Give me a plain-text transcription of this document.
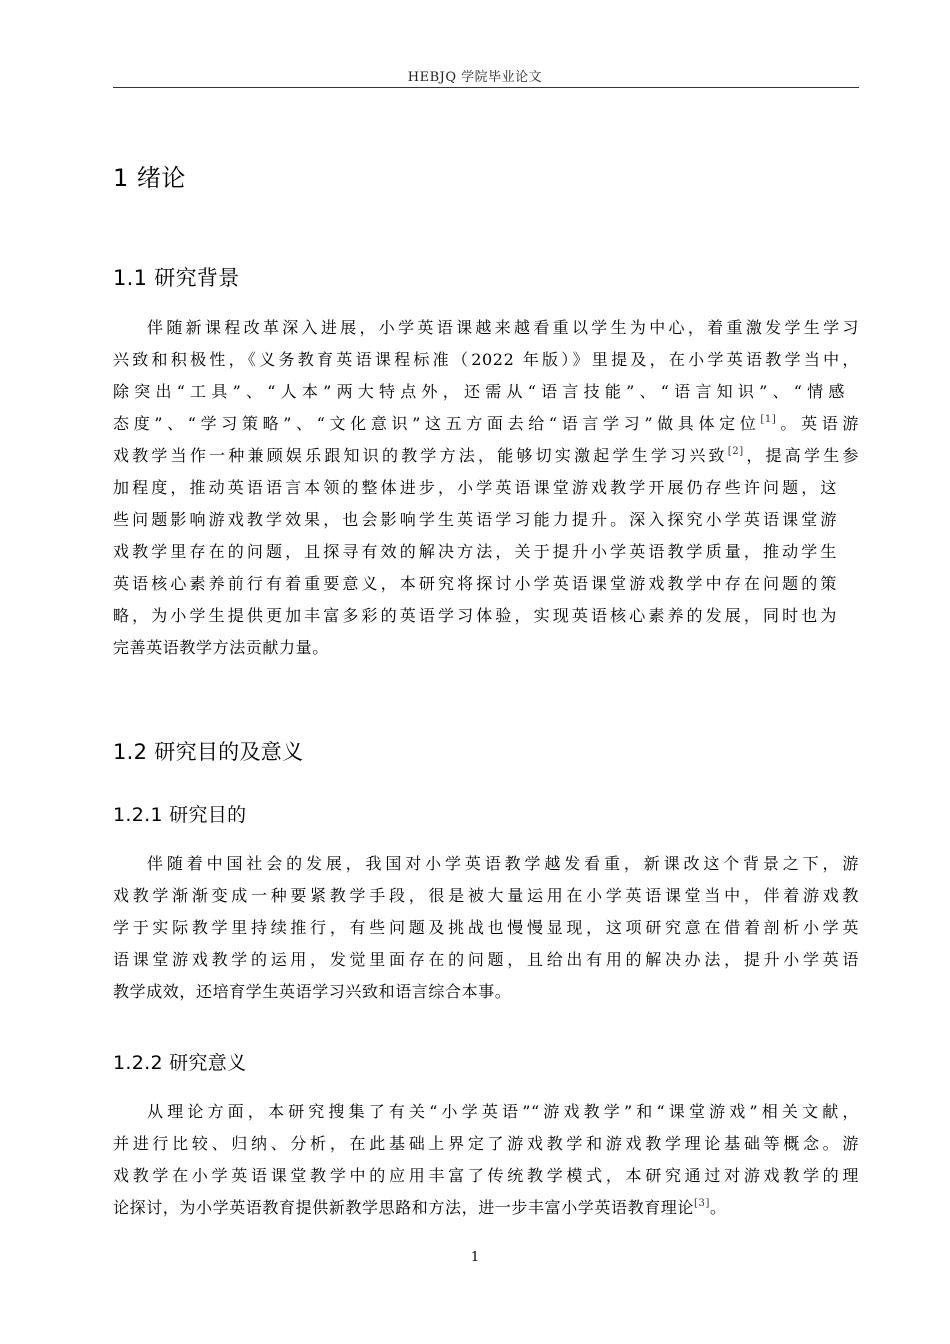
HEBJQ 学院毕业论文
1 绪论
1.1 研究背景
伴随新课程改革深入进展，小学英语课越来越看重以学生为中心，着重激发学生学习
兴致和积极性，《义务教育英语课程标准（2022 年版）》里提及，在小学英语教学当中，
除突出“工具”、“人本”两大特点外，还需从“语言技能”、“语言知识”、“情感
态度”、“学习策略”、“文化意识”这五方面去给“语言学习”做具体定位[1]。英语游
戏教学当作一种兼顾娱乐跟知识的教学方法，能够切实激起学生学习兴致[2]，提高学生参
加程度，推动英语语言本领的整体进步，小学英语课堂游戏教学开展仍存些许问题，这
些问题影响游戏教学效果，也会影响学生英语学习能力提升。深入探究小学英语课堂游
戏教学里存在的问题，且探寻有效的解决方法，关于提升小学英语教学质量，推动学生
英语核心素养前行有着重要意义，本研究将探讨小学英语课堂游戏教学中存在问题的策
略，为小学生提供更加丰富多彩的英语学习体验，实现英语核心素养的发展，同时也为
完善英语教学方法贡献力量。
1.2 研究目的及意义
1.2.1 研究目的
伴随着中国社会的发展，我国对小学英语教学越发看重，新课改这个背景之下，游
戏教学渐渐变成一种要紧教学手段，很是被大量运用在小学英语课堂当中，伴着游戏教
学于实际教学里持续推行，有些问题及挑战也慢慢显现，这项研究意在借着剖析小学英
语课堂游戏教学的运用，发觉里面存在的问题，且给出有用的解决办法，提升小学英语
教学成效，还培育学生英语学习兴致和语言综合本事。
1.2.2 研究意义
从理论方面，本研究搜集了有关“小学英语”“游戏教学”和“课堂游戏”相关文献，
并进行比较、归纳、分析，在此基础上界定了游戏教学和游戏教学理论基础等概念。游
戏教学在小学英语课堂教学中的应用丰富了传统教学模式，本研究通过对游戏教学的理
论探讨，为小学英语教育提供新教学思路和方法，进一步丰富小学英语教育理论[3]。
1
